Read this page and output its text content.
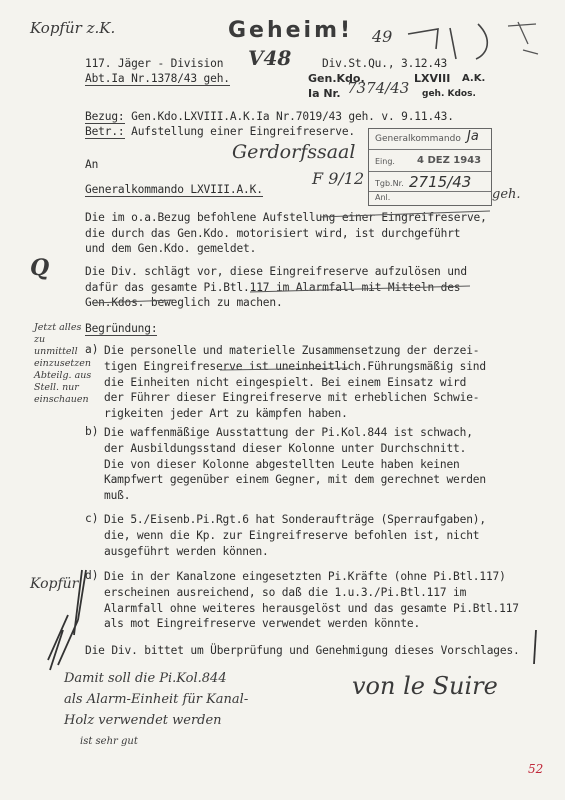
Kopfür z.K.	Geheim! 49
117. Jäger - Division
Abt.Ia Nr.1378/43 geh.
V48	Div.St.Qu., 3.12.43
Gen.Kdo.	LXVIII A.K.
Ia Nr. 7374/43 geh. Kdos.
Bezug: Gen.Kdo.LXVIII.A.K.Ia Nr.7019/43 geh. v. 9.11.43.
Betr.: Aufstellung einer Eingreifreserve.
Generalkommando Ja
Eing. 4 DEZ 1943
Tgb.Nr. 2715/43
Anl.	geh.
An
Gerdorfssaal
F 9/12
Generalkommando LXVIII.A.K.
Die im o.a.Bezug befohlene Aufstellung einer Eingreifreserve,
die durch das Gen.Kdo. motorisiert wird, ist durchgeführt
und dem Gen.Kdo. gemeldet.
Die Div. schlägt vor, diese Eingreifreserve aufzulösen und
dafür das gesamte Pi.Btl.117 im Alarmfall mit Mitteln des
Gen.Kdos. beweglich zu machen.
Q
Jetzt alles
zu
unmittell
einzusetzen
Abteilg. aus
Stell. nur
einschauen
Begründung:
a) Die personelle und materielle Zusammensetzung der derzei-
tigen Eingreifreserve ist uneinheitlich.Führungsmäßig sind
die Einheiten nicht eingespielt. Bei einem Einsatz wird
der Führer dieser Eingreifreserve mit erheblichen Schwie-
rigkeiten jeder Art zu kämpfen haben.
b) Die waffenmäßige Ausstattung der Pi.Kol.844 ist schwach,
der Ausbildungsstand dieser Kolonne unter Durchschnitt.
Die von dieser Kolonne abgestellten Leute haben keinen
Kampfwert gegenüber einem Gegner, mit dem gerechnet werden
muß.
c) Die 5./Eisenb.Pi.Rgt.6 hat Sonderaufträge (Sperraufgaben),
die, wenn die Kp. zur Eingreifreserve befohlen ist, nicht
ausgeführt werden können.
d) Die in der Kanalzone eingesetzten Pi.Kräfte (ohne Pi.Btl.117)
erscheinen ausreichend, so daß die 1.u.3./Pi.Btl.117 im
Alarmfall ohne weiteres herausgelöst und das gesamte Pi.Btl.117
als mot Eingreifreserve verwendet werden könnte.
Die Div. bittet um Überprüfung und Genehmigung dieses Vorschlages.
Kopfür
Damit soll die Pi.Kol.844
als Alarm-Einheit für Kanal-
Holz verwendet werden
ist sehr gut
von le Suire
52
